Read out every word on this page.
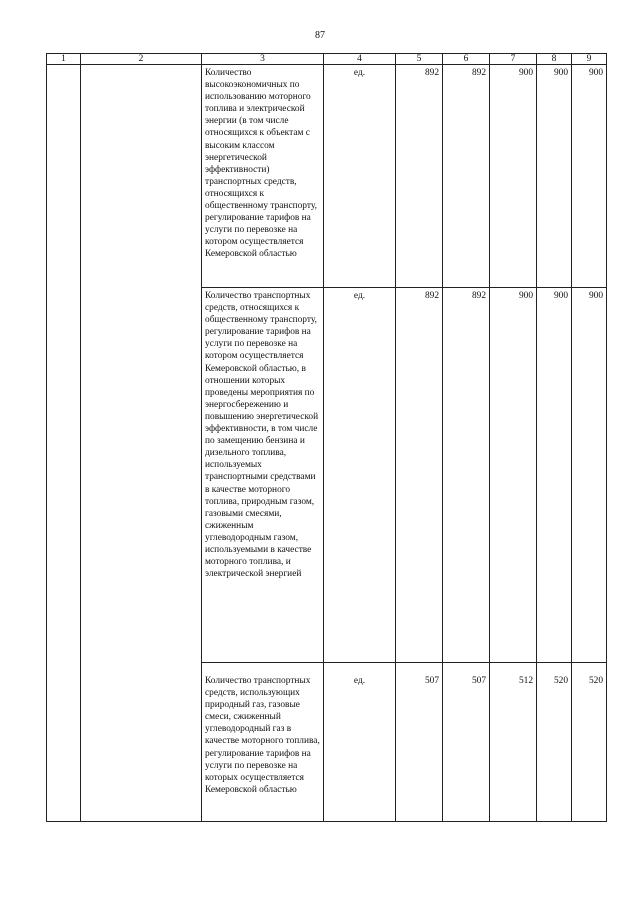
87
1	2	3	4	5	6	7	8	9
		Количество высокоэкономичных по использованию моторного топлива и электрической энергии (в том числе относящихся к объектам с высоким классом энергетической эффективности) транспортных средств, относящихся к общественному транспорту, регулирование тарифов на услуги по перевозке на котором осуществляется Кемеровской областью	ед.	892	892	900	900	900
		Количество транспортных средств, относящихся к общественному транспорту, регулирование тарифов на услуги по перевозке на котором осуществляется Кемеровской областью, в отношении которых проведены мероприятия по энергосбережению и повышению энергетической эффективности, в том числе по замещению бензина и дизельного топлива, используемых транспортными средствами в качестве моторного топлива, природным газом, газовыми смесями, сжиженным углеводородным газом, используемыми в качестве моторного топлива, и электрической энергией	ед.	892	892	900	900	900
		Количество транспортных средств, использующих природный газ, газовые смеси, сжиженный углеводородный газ в качестве моторного топлива, регулирование тарифов на услуги по перевозке на которых осуществляется Кемеровской областью	ед.	507	507	512	520	520
